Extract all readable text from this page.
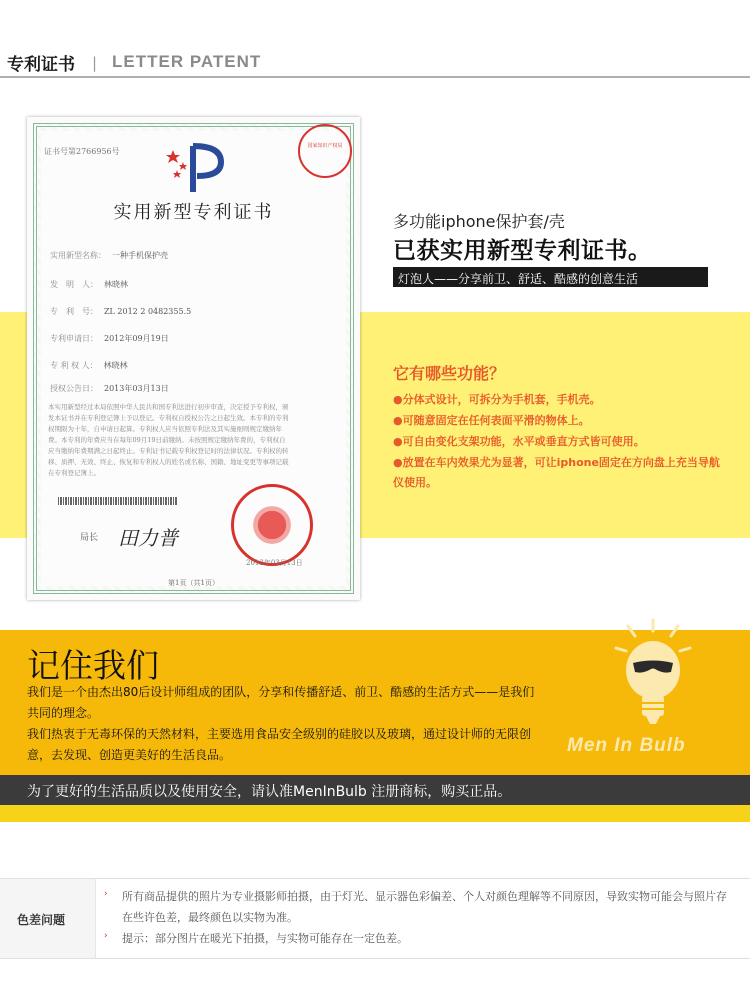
专利证书 | LETTER PATENT
证书号第2766956号
国家知识产权局
实用新型专利证书
实用新型名称： 一种手机保护壳
发　明　人： 林晓林
专　利　号： ZL 2012 2 0482355.5
专利申请日： 2012年09月19日
专 利 权 人： 林晓林
授权公告日： 2013年03月13日
本实用新型经过本局依照中华人民共和国专利法进行初步审查，决定授予专利权，颁发本证书并在专利登记簿上予以登记。专利权自授权公告之日起生效。本专利的专利权期限为十年，自申请日起算。专利权人应当依照专利法及其实施细则规定缴纳年费。本专利的年费应当在每年09月19日前缴纳。未按照规定缴纳年费的，专利权自应当缴纳年费期满之日起终止。专利证书记载专利权登记时的法律状况。专利权的转移、质押、无效、终止、恢复和专利权人的姓名或名称、国籍、地址变更等事项记载在专利登记簿上。
局长 田力普
2013年03月13日
第1页（共1页）
多功能iphone保护套/壳
已获实用新型专利证书。
灯泡人——分享前卫、舒适、酷感的创意生活
它有哪些功能？
●分体式设计，可拆分为手机套，手机壳。
●可随意固定在任何表面平滑的物体上。
●可自由变化支架功能，水平或垂直方式皆可使用。
●放置在车内效果尤为显著，可让iphone固定在方向盘上充当导航仪使用。
记住我们
我们是一个由杰出80后设计师组成的团队，分享和传播舒适、前卫、酷感的生活方式——是我们共同的理念。
我们热衷于无毒环保的天然材料，主要选用食品安全级别的硅胶以及玻璃，通过设计师的无限创意，去发现、创造更美好的生活良品。	Men In Bulb
为了更好的生活品质以及使用安全，请认准MenInBulb 注册商标，购买正品。
色差问题
› 所有商品提供的照片为专业摄影师拍摄，由于灯光、显示器色彩偏差、个人对颜色理解等不同原因，导致实物可能会与照片存在些许色差，最终颜色以实物为准。
› 提示：部分图片在暖光下拍摄，与实物可能存在一定色差。
